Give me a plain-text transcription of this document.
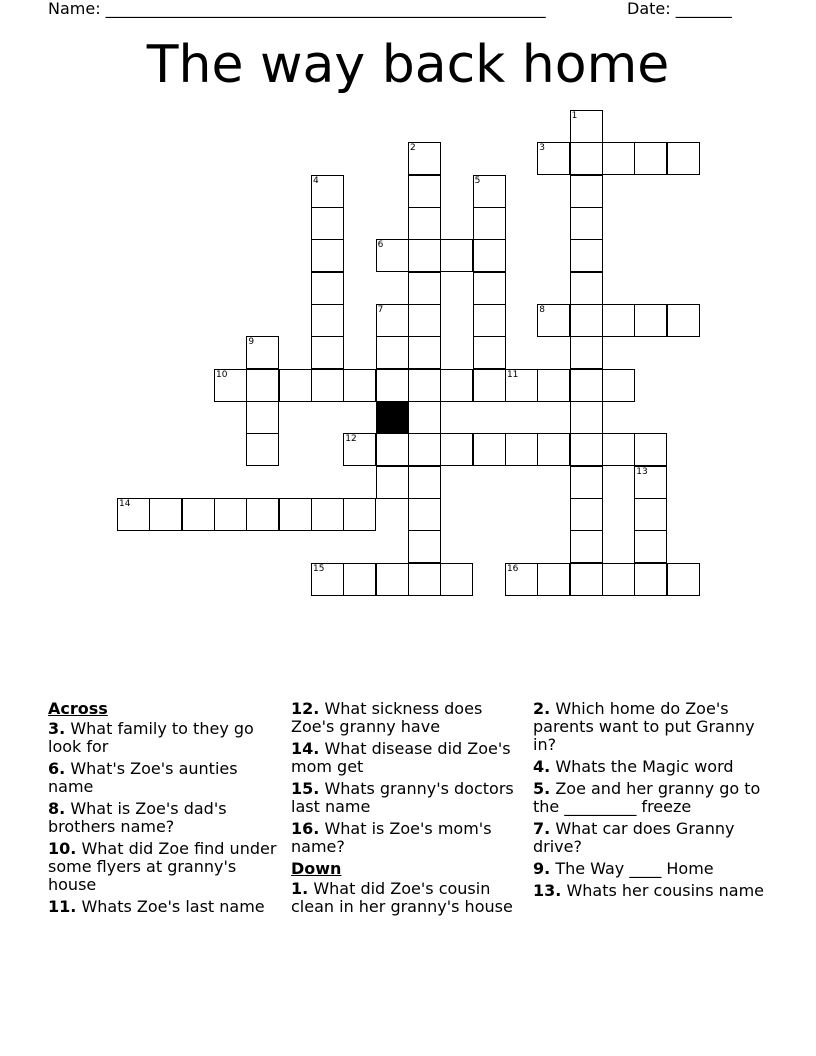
Name: _______________________________________________________	Date: _______
The way back home
1
2	3
4	5
6
7	8
9
10	11
12
13
14
15	16
Across
3. What family to they go look for
6. What's Zoe's aunties name
8. What is Zoe's dad's brothers name?
10. What did Zoe find under some flyers at granny's house
11. Whats Zoe's last name
12. What sickness does Zoe's granny have
14. What disease did Zoe's mom get
15. Whats granny's doctors last name
16. What is Zoe's mom's name?
Down
1. What did Zoe's cousin clean in her granny's house
2. Which home do Zoe's parents want to put Granny in?
4. Whats the Magic word
5. Zoe and her granny go to the _________ freeze
7. What car does Granny drive?
9. The Way ____ Home
13. Whats her cousins name
